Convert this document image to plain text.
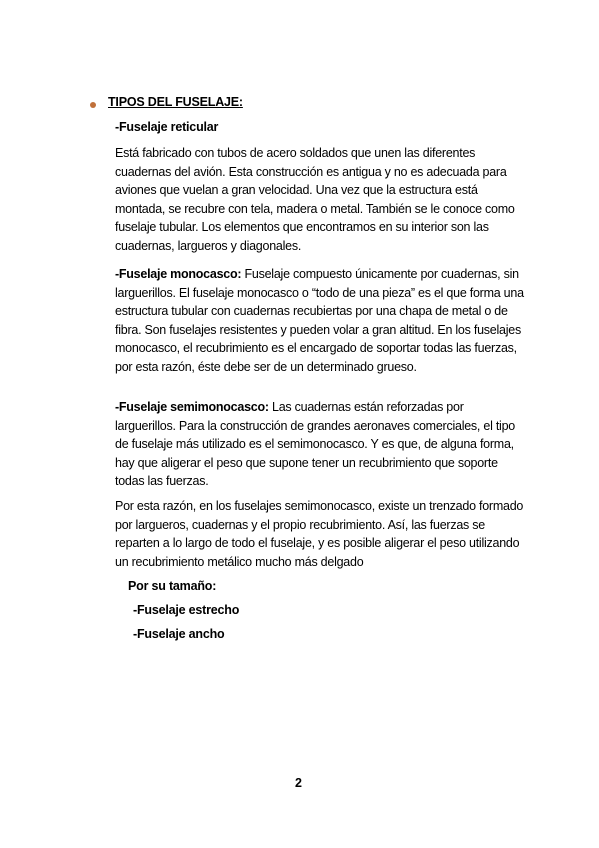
TIPOS DEL FUSELAJE:
-Fuselaje reticular

Está fabricado con tubos de acero soldados que unen las diferentes cuadernas del avión. Esta construcción es antigua y no es adecuada para aviones que vuelan a gran velocidad. Una vez que la estructura está montada, se recubre con tela, madera o metal. También se le conoce como fuselaje tubular. Los elementos que encontramos en su interior son las cuadernas, largueros y diagonales.

-Fuselaje monocasco: Fuselaje compuesto únicamente por cuadernas, sin larguerillos. El fuselaje monocasco o “todo de una pieza” es el que forma una estructura tubular con cuadernas recubiertas por una chapa de metal o de fibra. Son fuselajes resistentes y pueden volar a gran altitud. En los fuselajes monocasco, el recubrimiento es el encargado de soportar todas las fuerzas, por esta razón, éste debe ser de un determinado grueso.

-Fuselaje semimonocasco: Las cuadernas están reforzadas por larguerillos. Para la construcción de grandes aeronaves comerciales, el tipo de fuselaje más utilizado es el semimonocasco. Y es que, de alguna forma, hay que aligerar el peso que supone tener un recubrimiento que soporte todas las fuerzas.

Por esta razón, en los fuselajes semimonocasco, existe un trenzado formado por largueros, cuadernas y el propio recubrimiento. Así, las fuerzas se reparten a lo largo de todo el fuselaje, y es posible aligerar el peso utilizando un recubrimiento metálico mucho más delgado

Por su tamaño:
-Fuselaje estrecho
-Fuselaje ancho
2
